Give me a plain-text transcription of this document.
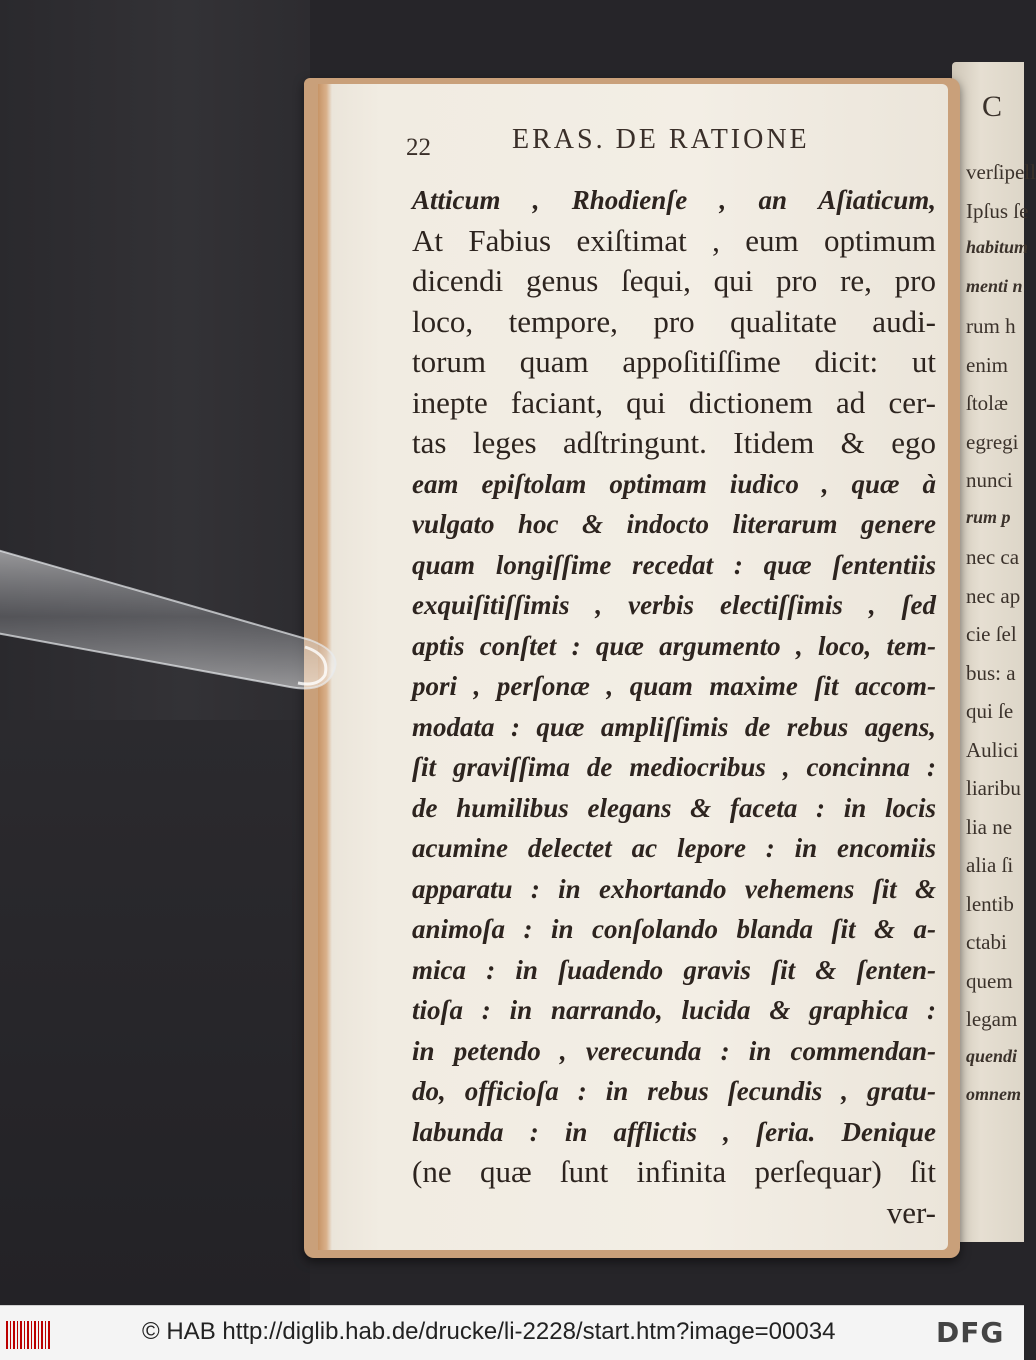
C
verſipell
Ipſus ſe
habitum
menti n
rum h
enim
ſtolæ
egregi
nunci
rum p
nec ca
nec ap
cie ſel
bus: a
qui ſe
Aulici
liaribu
lia ne
alia ſi
lentib
ctabi
quem
legam
quendi
omnem
22	ERAS. DE RATIONE
Atticum , Rhodienſe , an Aſiaticum,
At Fabius exiſtimat , eum optimum
dicendi genus ſequi, qui pro re, pro
loco, tempore, pro qualitate audi-
torum quam appoſitiſſime dicit: ut
inepte faciant, qui dictionem ad cer-
tas leges adſtringunt. Itidem & ego
eam epiſtolam optimam iudico , quæ à
vulgato hoc & indocto literarum genere
quam longiſſime recedat : quæ ſententiis
exquiſitiſſimis , verbis electiſſimis , ſed
aptis conſtet : quæ argumento , loco, tem-
pori , perſonæ , quam maxime ſit accom-
modata : quæ ampliſſimis de rebus agens,
ſit graviſſima de mediocribus , concinna :
de humilibus elegans & faceta : in locis
acumine delectet ac lepore : in encomiis
apparatu : in exhortando vehemens ſit &
animoſa : in conſolando blanda ſit & a-
mica : in ſuadendo gravis ſit & ſenten-
tioſa : in narrando, lucida & graphica :
in petendo , verecunda : in commendan-
do, officioſa : in rebus ſecundis , gratu-
labunda : in afflictis , ſeria. Denique
(ne quæ ſunt infinita perſequar) ſit
ver-
© HAB http://diglib.hab.de/drucke/li-2228/start.htm?image=00034	DFG
